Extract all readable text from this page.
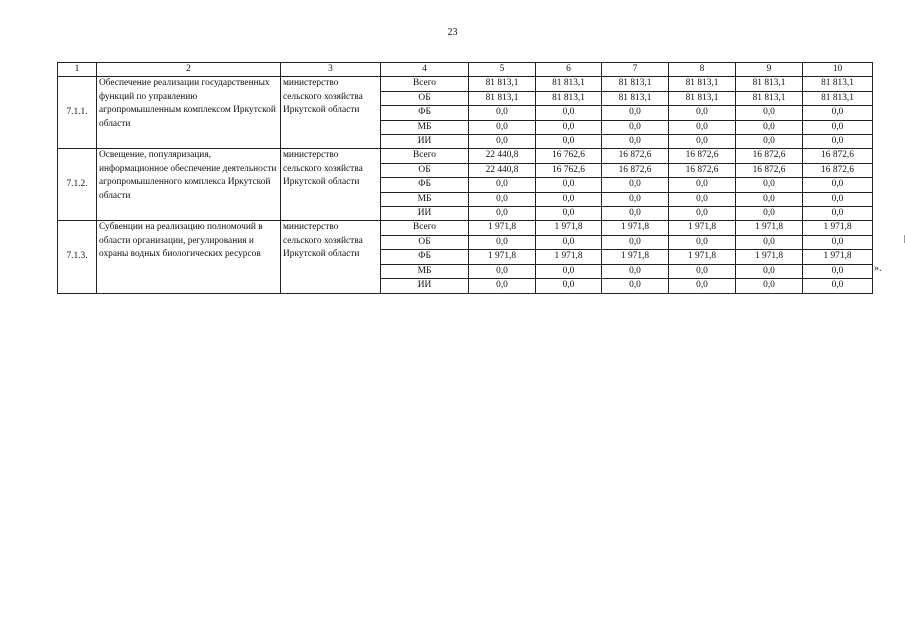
23
1	2	3	4	5	6	7	8	9	10
7.1.1.	Обеспечение реализации государственных функций по управлению агропромышленным комплексом Иркутской области	министерство сельского хозяйства Иркутской области	Всего	81 813,1	81 813,1	81 813,1	81 813,1	81 813,1	81 813,1
			ОБ	81 813,1	81 813,1	81 813,1	81 813,1	81 813,1	81 813,1
			ФБ	0,0	0,0	0,0	0,0	0,0	0,0
			МБ	0,0	0,0	0,0	0,0	0,0	0,0
			ИИ	0,0	0,0	0,0	0,0	0,0	0,0
7.1.2.	Освещение, популяризация, информационное обеспечение деятельности агропромышленного комплекса Иркутской области	министерство сельского хозяйства Иркутской области	Всего	22 440,8	16 762,6	16 872,6	16 872,6	16 872,6	16 872,6
			ОБ	22 440,8	16 762,6	16 872,6	16 872,6	16 872,6	16 872,6
			ФБ	0,0	0,0	0,0	0,0	0,0	0,0
			МБ	0,0	0,0	0,0	0,0	0,0	0,0
			ИИ	0,0	0,0	0,0	0,0	0,0	0,0
7.1.3.	Субвенции на реализацию полномочий в области организации, регулирования и охраны водных биологических ресурсов	министерство сельского хозяйства Иркутской области	Всего	1 971,8	1 971,8	1 971,8	1 971,8	1 971,8	1 971,8
			ОБ	0,0	0,0	0,0	0,0	0,0	0,0
			ФБ	1 971,8	1 971,8	1 971,8	1 971,8	1 971,8	1 971,8
			МБ	0,0	0,0	0,0	0,0	0,0	0,0
			ИИ	0,0	0,0	0,0	0,0	0,0	0,0
».
